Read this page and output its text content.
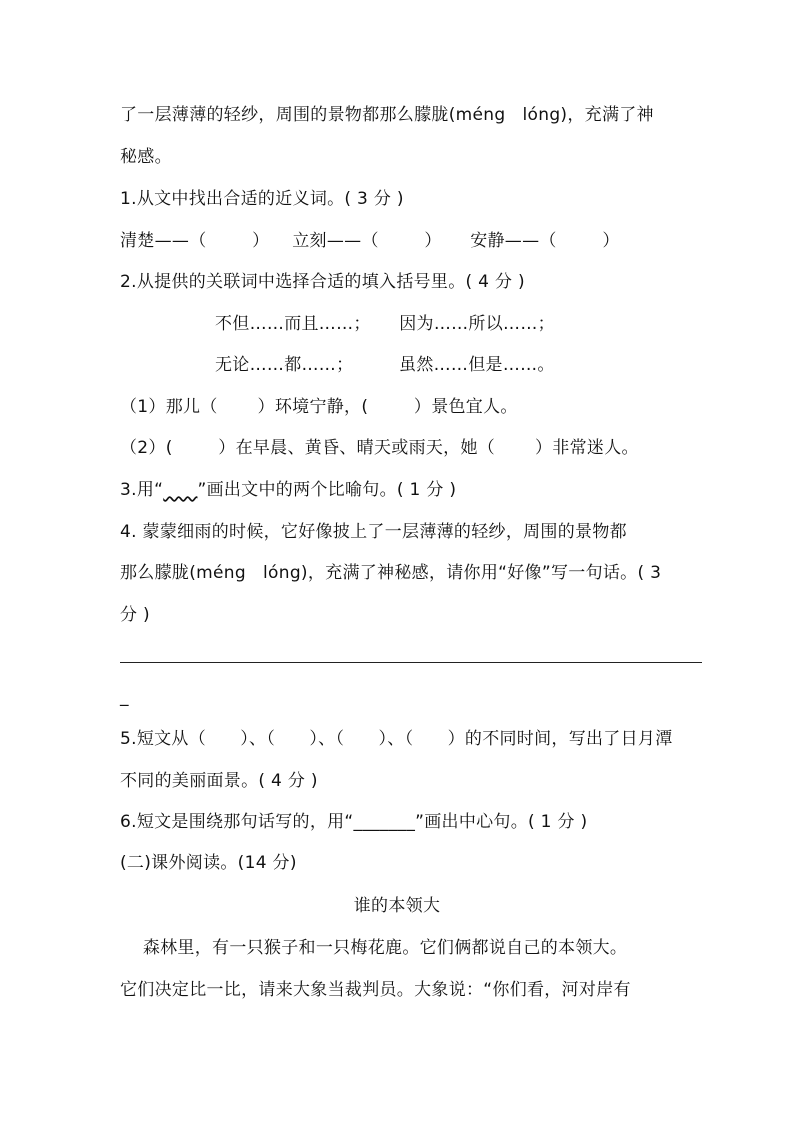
了一层薄薄的轻纱，周围的景物都那么朦胧(méng   lóng)，充满了神
秘感。
1.从文中找出合适的近义词。( 3 分 )
清楚——（        ）    立刻——（        ）     安静——（        ）
2.从提供的关联词中选择合适的填入括号里。( 4 分 )
不但……而且……；     因为……所以……；
无论……都……；        虽然……但是……。
（1）那儿（       ）环境宁静，(        ）景色宜人。
（2）(        ）在早晨、黄昏、晴天或雨天，她（       ）非常迷人。
3.用“ ”画出文中的两个比喻句。( 1 分 )
4. 蒙蒙细雨的时候，它好像披上了一层薄薄的轻纱，周围的景物都
那么朦胧(méng   lóng)，充满了神秘感，请你用“好像”写一句话。( 3
分 )
_
5.短文从（      ）、（      ）、（      ）、（      ）的不同时间，写出了日月潭
不同的美丽面景。( 4 分 )
6.短文是围绕那句话写的，用“_______”画出中心句。( 1 分 )
(二)课外阅读。(14 分)
谁的本领大
森林里，有一只猴子和一只梅花鹿。它们俩都说自己的本领大。
它们决定比一比，请来大象当裁判员。大象说：“你们看，河对岸有
